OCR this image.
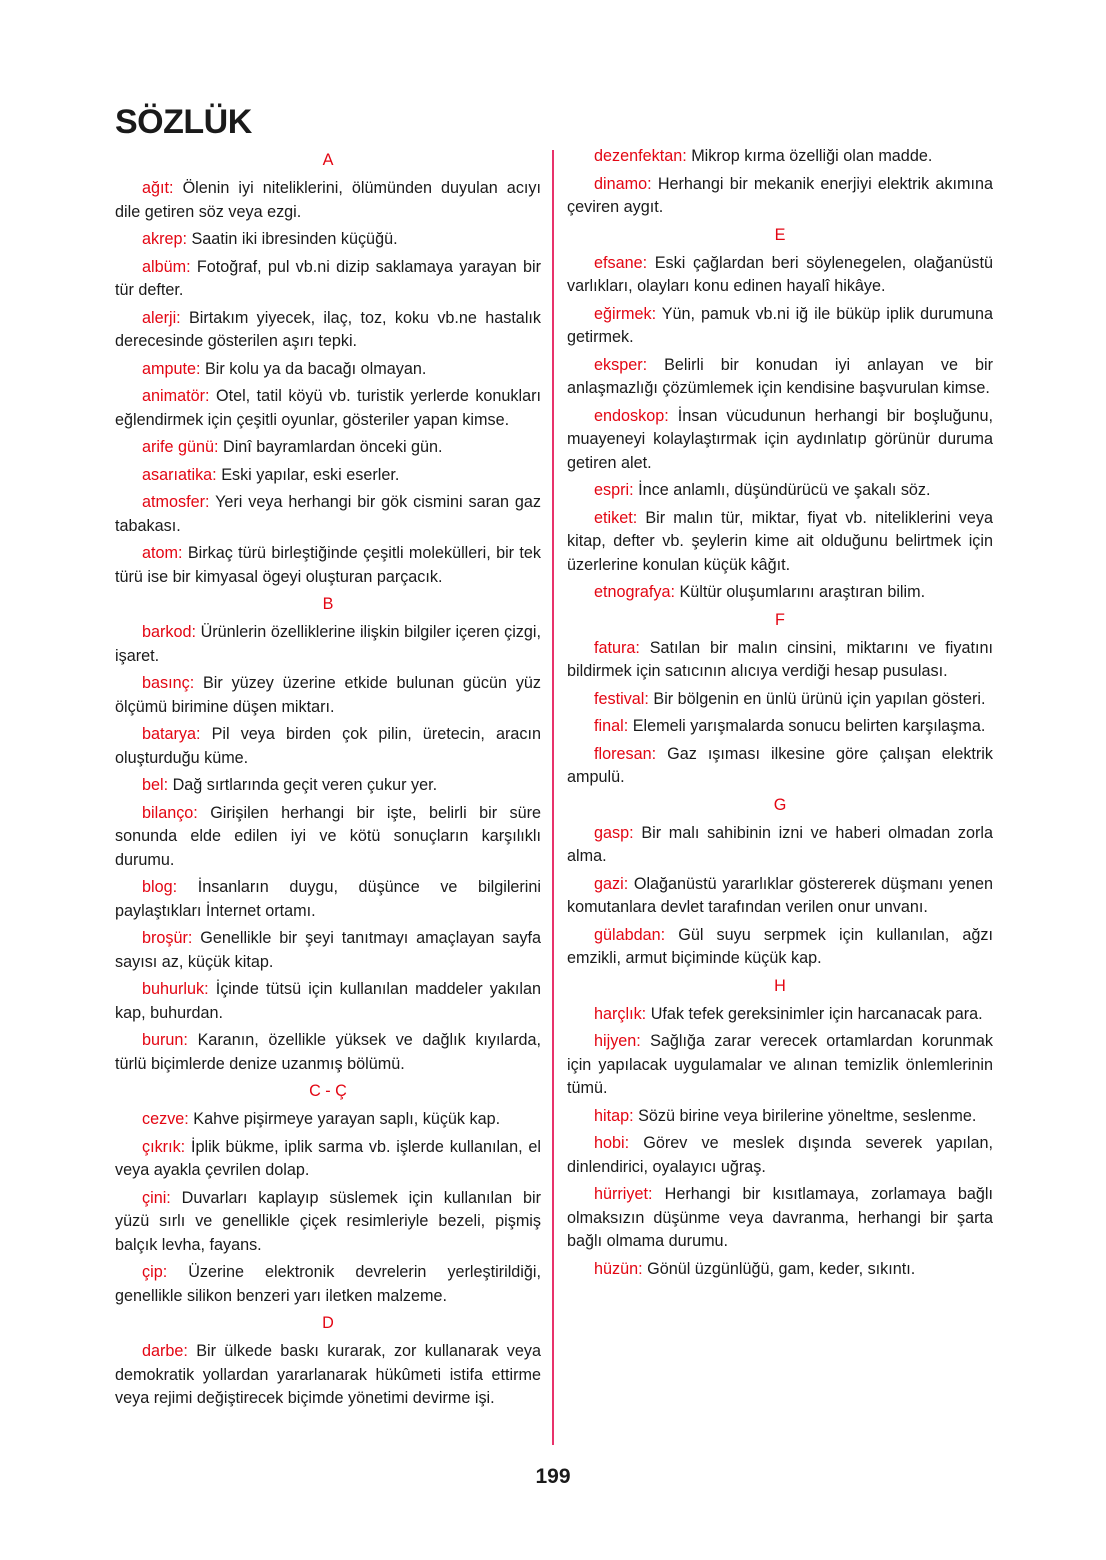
SÖZLÜK
A

ağıt: Ölenin iyi niteliklerini, ölümünden duyulan acıyı dile getiren söz veya ezgi.

akrep: Saatin iki ibresinden küçüğü.

albüm: Fotoğraf, pul vb.ni dizip saklamaya yarayan bir tür defter.

alerji: Birtakım yiyecek, ilaç, toz, koku vb.ne hastalık derecesinde gösterilen aşırı tepki.

ampute: Bir kolu ya da bacağı olmayan.

animatör: Otel, tatil köyü vb. turistik yerlerde konukları eğlendirmek için çeşitli oyunlar, gösteriler yapan kimse.

arife günü: Dinî bayramlardan önceki gün.

asarıatika: Eski yapılar, eski eserler.

atmosfer: Yeri veya herhangi bir gök cismini saran gaz tabakası.

atom: Birkaç türü birleştiğinde çeşitli molekülleri, bir tek türü ise bir kimyasal ögeyi oluşturan parçacık.

B

barkod: Ürünlerin özelliklerine ilişkin bilgiler içeren çizgi, işaret.

basınç: Bir yüzey üzerine etkide bulunan gücün yüz ölçümü birimine düşen miktarı.

batarya: Pil veya birden çok pilin, üretecin, aracın oluşturduğu küme.

bel: Dağ sırtlarında geçit veren çukur yer.

bilanço: Girişilen herhangi bir işte, belirli bir süre sonunda elde edilen iyi ve kötü sonuçların karşılıklı durumu.

blog: İnsanların duygu, düşünce ve bilgilerini paylaştıkları İnternet ortamı.

broşür: Genellikle bir şeyi tanıtmayı amaçlayan sayfa sayısı az, küçük kitap.

buhurluk: İçinde tütsü için kullanılan maddeler yakılan kap, buhurdan.

burun: Karanın, özellikle yüksek ve dağlık kıyılarda, türlü biçimlerde denize uzanmış bölümü.

C - Ç

cezve: Kahve pişirmeye yarayan saplı, küçük kap.

çıkrık: İplik bükme, iplik sarma vb. işlerde kullanılan, el veya ayakla çevrilen dolap.

çini: Duvarları kaplayıp süslemek için kullanılan bir yüzü sırlı ve genellikle çiçek resimleriyle bezeli, pişmiş balçık levha, fayans.

çip: Üzerine elektronik devrelerin yerleştirildiği, genellikle silikon benzeri yarı iletken malzeme.

D

darbe: Bir ülkede baskı kurarak, zor kullanarak veya demokratik yollardan yararlanarak hükûmeti istifa ettirme veya rejimi değiştirecek biçimde yönetimi devirme işi.

dezenfektan: Mikrop kırma özelliği olan madde.

dinamo: Herhangi bir mekanik enerjiyi elektrik akımına çeviren aygıt.

E

efsane: Eski çağlardan beri söylenegelen, olağanüstü varlıkları, olayları konu edinen hayalî hikâye.

eğirmek: Yün, pamuk vb.ni iğ ile büküp iplik durumuna getirmek.

eksper: Belirli bir konudan iyi anlayan ve bir anlaşmazlığı çözümlemek için kendisine başvurulan kimse.

endoskop: İnsan vücudunun herhangi bir boşluğunu, muayeneyi kolaylaştırmak için aydınlatıp görünür duruma getiren alet.

espri: İnce anlamlı, düşündürücü ve şakalı söz.

etiket: Bir malın tür, miktar, fiyat vb. niteliklerini veya kitap, defter vb. şeylerin kime ait olduğunu belirtmek için üzerlerine konulan küçük kâğıt.

etnografya: Kültür oluşumlarını araştıran bilim.

F

fatura: Satılan bir malın cinsini, miktarını ve fiyatını bildirmek için satıcının alıcıya verdiği hesap pusulası.

festival: Bir bölgenin en ünlü ürünü için yapılan gösteri.

final: Elemeli yarışmalarda sonucu belirten karşılaşma.

floresan: Gaz ışıması ilkesine göre çalışan elektrik ampulü.

G

gasp: Bir malı sahibinin izni ve haberi olmadan zorla alma.

gazi: Olağanüstü yararlıklar göstererek düşmanı yenen komutanlara devlet tarafından verilen onur unvanı.

gülabdan: Gül suyu serpmek için kullanılan, ağzı emzikli, armut biçiminde küçük kap.

H

harçlık: Ufak tefek gereksinimler için harcanacak para.

hijyen: Sağlığa zarar verecek ortamlardan korunmak için yapılacak uygulamalar ve alınan temizlik önlemlerinin tümü.

hitap: Sözü birine veya birilerine yöneltme, seslenme.

hobi: Görev ve meslek dışında severek yapılan, dinlendirici, oyalayıcı uğraş.

hürriyet: Herhangi bir kısıtlamaya, zorlamaya bağlı olmaksızın düşünme veya davranma, herhangi bir şarta bağlı olmama durumu.

hüzün: Gönül üzgünlüğü, gam, keder, sıkıntı.

199
